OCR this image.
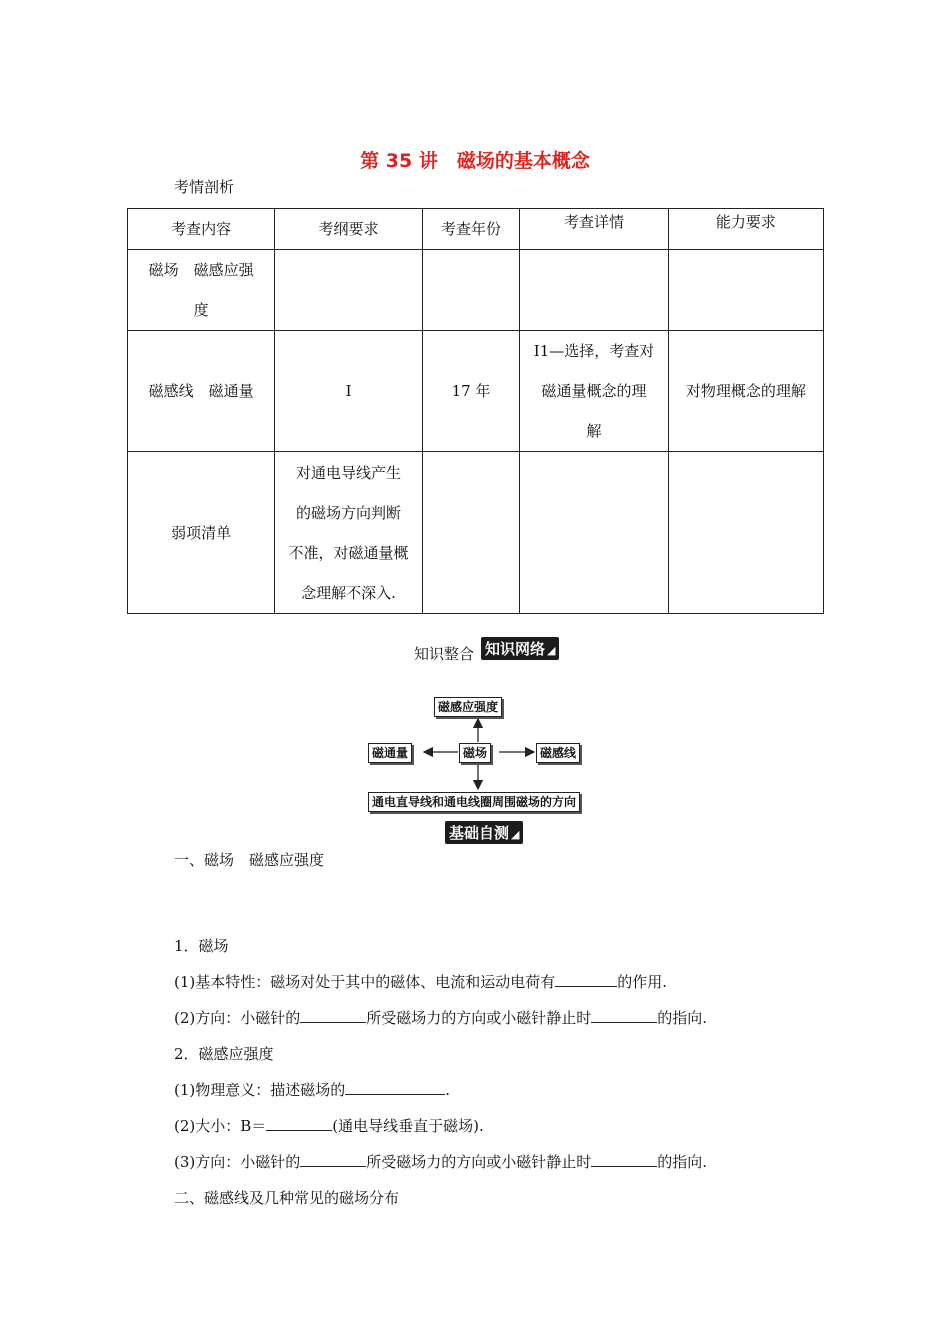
第 35 讲　磁场的基本概念
考情剖析
考查内容	考纲要求	考查年份	考查详情	能力要求

磁场　磁感应强
度				

磁感线　磁通量	Ⅰ	17 年	Ⅰ1—选择，考查对
磁通量概念的理
解	对物理概念的理解
弱项清单	对通电导线产生
的磁场方向判断
不准，对磁通量概
念理解不深入.			

知识整合 知识网络 ◢
磁感应强度
磁通量	磁场	磁感线
通电直导线和通电线圈周围磁场的方向
基础自测 ◢
一、磁场　磁感应强度
1．磁场
(1)基本特性：磁场对处于其中的磁体、电流和运动电荷有	的作用.
(2)方向：小磁针的	所受磁场力的方向或小磁针静止时	的指向.
2．磁感应强度
(1)物理意义：描述磁场的	.
(2)大小：B＝	(通电导线垂直于磁场).
(3)方向：小磁针的	所受磁场力的方向或小磁针静止时	的指向.
二、磁感线及几种常见的磁场分布
